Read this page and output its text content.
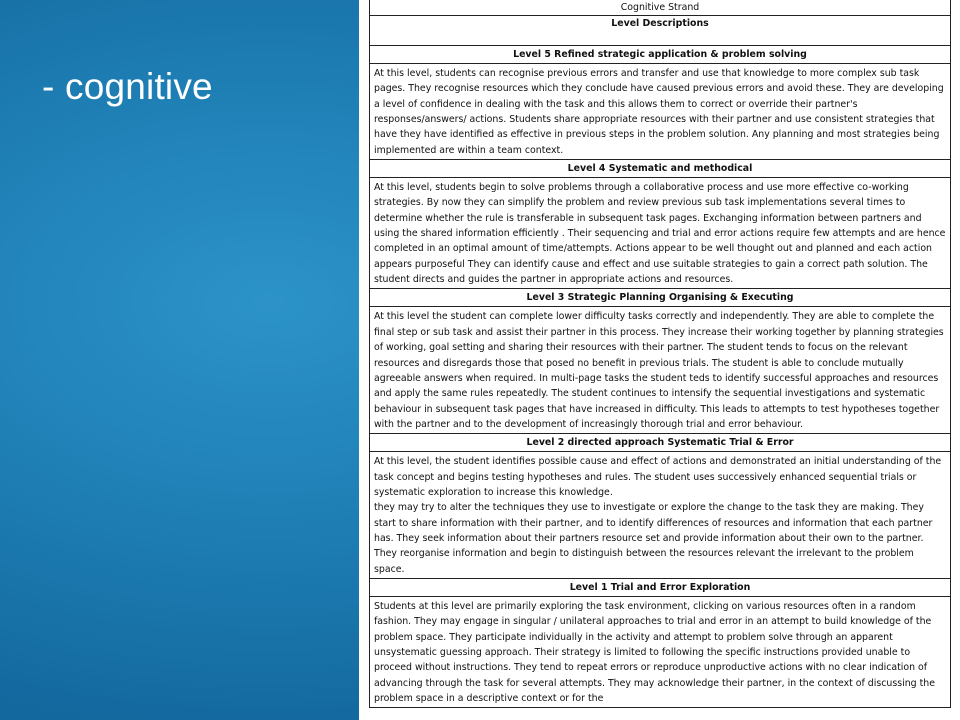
- cognitive
Cognitive Strand
Level Descriptions
Level 5 Refined strategic application & problem solving
At this level, students can recognise previous errors and transfer and use that knowledge to more complex sub task pages. They recognise resources which they conclude have caused previous errors and avoid these. They are developing a level of confidence in dealing with the task and this allows them to correct or override their partner's responses/answers/ actions. Students share appropriate resources with their partner and use consistent strategies that have they have identified as effective in previous steps in the problem solution. Any planning and most strategies being implemented are within a team context.
Level 4 Systematic and methodical
At this level, students begin to solve problems through a collaborative process and use more effective co-working strategies. By now they can simplify the problem and review previous sub task implementations several times to determine whether the rule is transferable in subsequent task pages. Exchanging information between partners and using the shared information efficiently . Their sequencing and trial and error actions require few attempts and are hence completed in an optimal amount of time/attempts. Actions appear to be well thought out and planned and each action appears purposeful They can identify cause and effect and use suitable strategies to gain a correct path solution. The student directs and guides the partner in appropriate actions and resources.
Level 3 Strategic Planning Organising & Executing
At this level the student can complete lower difficulty tasks correctly and independently. They are able to complete the final step or sub task and assist their partner in this process. They increase their working together by planning strategies of working, goal setting and sharing their resources with their partner. The student tends to focus on the relevant resources and disregards those that posed no benefit in previous trials. The student is able to conclude mutually agreeable answers when required. In multi-page tasks the student teds to identify successful approaches and resources and apply the same rules repeatedly. The student continues to intensify the sequential investigations and systematic behaviour in subsequent task pages that have increased in difficulty. This leads to attempts to test hypotheses together with the partner and to the development of increasingly thorough trial and error behaviour.
Level 2 directed approach Systematic Trial & Error
At this level, the student identifies possible cause and effect of actions and demonstrated an initial understanding of the task concept and begins testing hypotheses and rules. The student uses successively enhanced sequential trials or systematic exploration to increase this knowledge.
they may try to alter the techniques they use to investigate or explore the change to the task they are making. They start to share information with their partner, and to identify differences of resources and information that each partner has. They seek information about their partners resource set and provide information about their own to the partner. They reorganise information and begin to distinguish between the resources relevant the irrelevant to the problem space.
Level 1 Trial and Error Exploration
Students at this level are primarily exploring the task environment, clicking on various resources often in a random fashion. They may engage in singular / unilateral approaches to trial and error in an attempt to build knowledge of the problem space. They participate individually in the activity and attempt to problem solve through an apparent unsystematic guessing approach. Their strategy is limited to following the specific instructions provided unable to proceed without instructions. They tend to repeat errors or reproduce unproductive actions with no clear indication of advancing through the task for several attempts. They may acknowledge their partner, in the context of discussing the problem space in a descriptive context or for the
